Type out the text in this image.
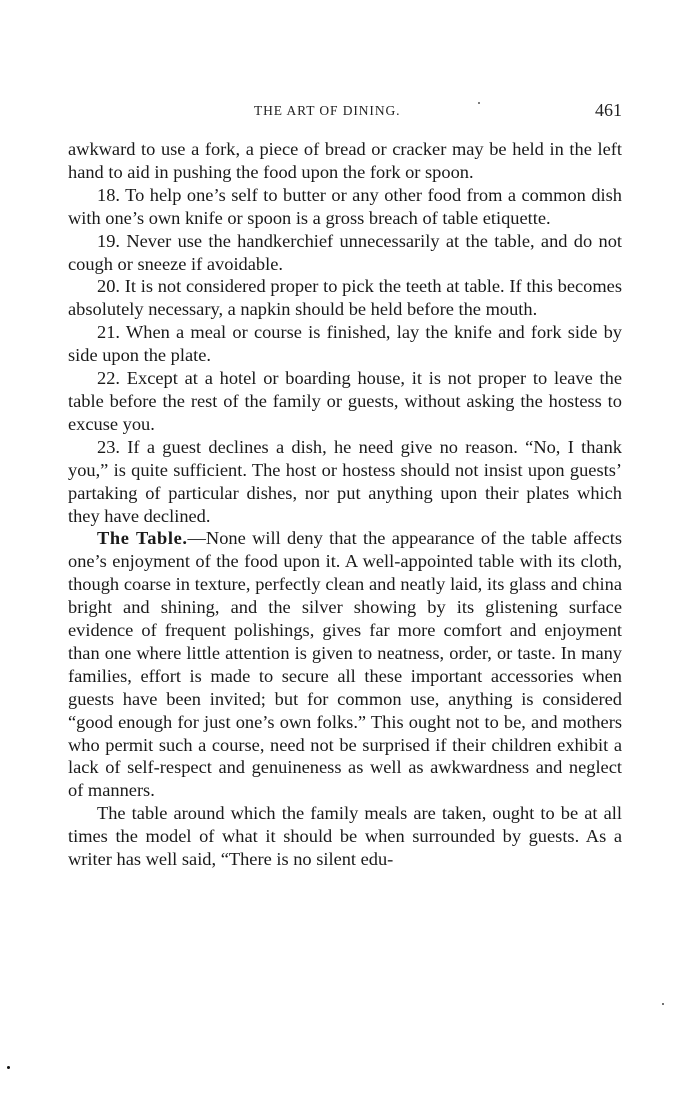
THE ART OF DINING.	461

awkward to use a fork, a piece of bread or cracker may be held in the left hand to aid in pushing the food upon the fork or spoon.

18. To help one’s self to butter or any other food from a common dish with one’s own knife or spoon is a gross breach of table etiquette.

19. Never use the handkerchief unnecessarily at the table, and do not cough or sneeze if avoidable.

20. It is not considered proper to pick the teeth at table. If this becomes absolutely necessary, a napkin should be held before the mouth.

21. When a meal or course is finished, lay the knife and fork side by side upon the plate.

22. Except at a hotel or boarding house, it is not proper to leave the table before the rest of the family or guests, without asking the hostess to excuse you.

23. If a guest declines a dish, he need give no reason. “No, I thank you,” is quite sufficient. The host or hostess should not insist upon guests’ partaking of particular dishes, nor put anything upon their plates which they have declined.

The Table.—None will deny that the appearance of the table affects one’s enjoyment of the food upon it. A well-appointed table with its cloth, though coarse in texture, perfectly clean and neatly laid, its glass and china bright and shining, and the silver showing by its glistening surface evidence of frequent polishings, gives far more comfort and enjoyment than one where little attention is given to neatness, order, or taste. In many families, effort is made to secure all these important accessories when guests have been invited; but for common use, anything is considered “good enough for just one’s own folks.” This ought not to be, and mothers who permit such a course, need not be surprised if their children exhibit a lack of self-respect and genuineness as well as awkwardness and neglect of manners.

The table around which the family meals are taken, ought to be at all times the model of what it should be when surrounded by guests. As a writer has well said, “There is no silent edu-
